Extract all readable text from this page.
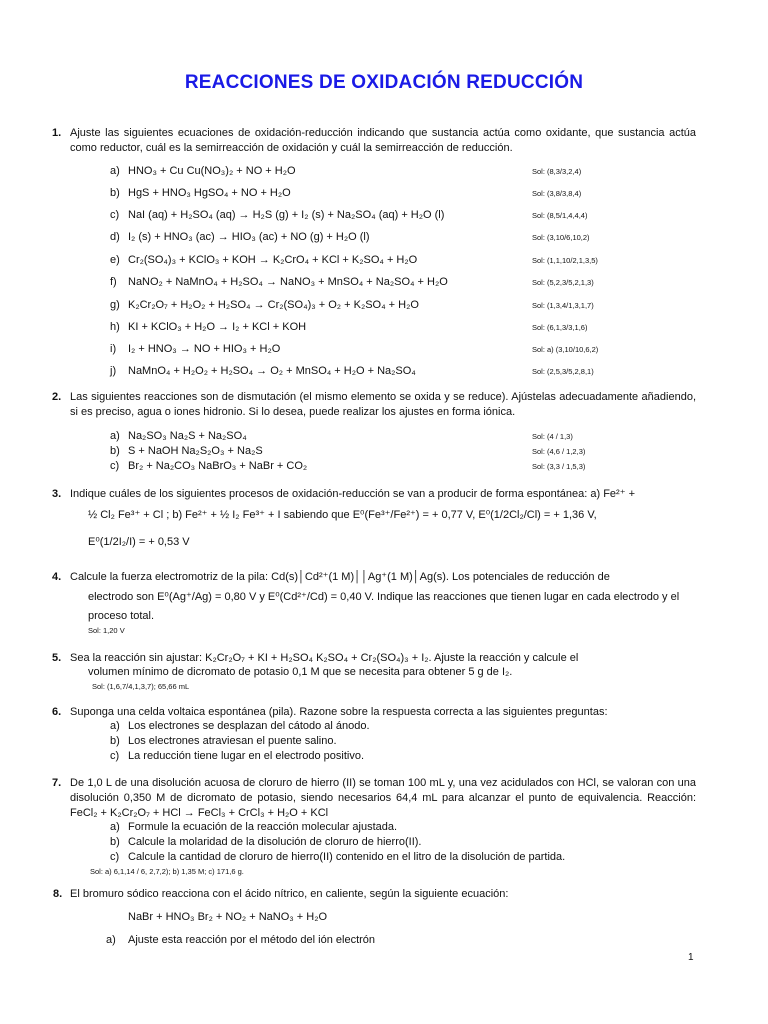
REACCIONES DE OXIDACIÓN REDUCCIÓN
1. Ajuste las siguientes ecuaciones de oxidación-reducción indicando que sustancia actúa como oxidante, que sustancia actúa como reductor, cuál es la semirreacción de oxidación y cuál la semirreacción de reducción.
a) HNO₃ + Cu Cu(NO₃)₂ + NO + H₂O	Sol: (8,3/3,2,4)
b) HgS + HNO₃ HgSO₄ + NO + H₂O	Sol: (3,8/3,8,4)
c) NaI (aq) + H₂SO₄ (aq) → H₂S (g) + I₂ (s) + Na₂SO₄ (aq) + H₂O (l)	Sol: (8,5/1,4,4,4)
d) I₂ (s) + HNO₃ (ac) → HIO₃ (ac) + NO (g) + H₂O (l)	Sol: (3,10/6,10,2)
e) Cr₂(SO₄)₃ + KClO₃ + KOH → K₂CrO₄ + KCl + K₂SO₄ + H₂O	Sol: (1,1,10/2,1,3,5)
f) NaNO₂ + NaMnO₄ + H₂SO₄ → NaNO₃ + MnSO₄ + Na₂SO₄ + H₂O	Sol: (5,2,3/5,2,1,3)
g) K₂Cr₂O₇ + H₂O₂ + H₂SO₄ → Cr₂(SO₄)₃ + O₂ + K₂SO₄ + H₂O	Sol: (1,3,4/1,3,1,7)
h) KI + KClO₃ + H₂O → I₂ + KCl + KOH	Sol: (6,1,3/3,1,6)
i) I₂ + HNO₃ → NO + HIO₃ + H₂O	Sol: a) (3,10/10,6,2)
j) NaMnO₄ + H₂O₂ + H₂SO₄ → O₂ + MnSO₄ + H₂O + Na₂SO₄	Sol: (2,5,3/5,2,8,1)
2. Las siguientes reacciones son de dismutación (el mismo elemento se oxida y se reduce). Ajústelas adecuadamente añadiendo, si es preciso, agua o iones hidronio. Si lo desea, puede realizar los ajustes en forma iónica.
a) Na₂SO₃ Na₂S + Na₂SO₄	Sol: (4 / 1,3)
b) S + NaOH Na₂S₂O₃ + Na₂S	Sol: (4,6 / 1,2,3)
c) Br₂ + Na₂CO₃ NaBrO₃ + NaBr + CO₂	Sol: (3,3 / 1,5,3)
3. Indique cuáles de los siguientes procesos de oxidación-reducción se van a producir de forma espontánea: a) Fe²⁺ +
½ Cl₂ Fe³⁺ + Cl ; b) Fe²⁺ + ½ I₂ Fe³⁺ + I sabiendo que E⁰(Fe³⁺/Fe²⁺) = + 0,77 V, E⁰(1/2Cl₂/Cl) = + 1,36 V,
E⁰(1/2I₂/I) = + 0,53 V
4. Calcule la fuerza electromotriz de la pila: Cd(s)│Cd²⁺(1 M)││Ag⁺(1 M)│Ag(s). Los potenciales de reducción de
electrodo son E⁰(Ag⁺/Ag) = 0,80 V y E⁰(Cd²⁺/Cd) = 0,40 V. Indique las reacciones que tienen lugar en cada electrodo y el
proceso total.
Sol: 1,20 V
5. Sea la reacción sin ajustar: K₂Cr₂O₇ + KI + H₂SO₄ K₂SO₄ + Cr₂(SO₄)₃ + I₂. Ajuste la reacción y calcule el
volumen mínimo de dicromato de potasio 0,1 M que se necesita para obtener 5 g de I₂.
Sol: (1,6,7/4,1,3,7); 65,66 mL
6. Suponga una celda voltaica espontánea (pila). Razone sobre la respuesta correcta a las siguientes preguntas:
a) Los electrones se desplazan del cátodo al ánodo.
b) Los electrones atraviesan el puente salino.
c) La reducción tiene lugar en el electrodo positivo.
7. De 1,0 L de una disolución acuosa de cloruro de hierro (II) se toman 100 mL y, una vez acidulados con HCl, se valoran con una disolución 0,350 M de dicromato de potasio, siendo necesarios 64,4 mL para alcanzar el punto de equivalencia. Reacción: FeCl₂ + K₂Cr₂O₇ + HCl → FeCl₃ + CrCl₃ + H₂O + KCl
a) Formule la ecuación de la reacción molecular ajustada.
b) Calcule la molaridad de la disolución de cloruro de hierro(II).
c) Calcule la cantidad de cloruro de hierro(II) contenido en el litro de la disolución de partida.
Sol: a) 6,1,14 / 6, 2,7,2); b) 1,35 M; c) 171,6 g.
8. El bromuro sódico reacciona con el ácido nítrico, en caliente, según la siguiente ecuación:
NaBr + HNO₃ Br₂ + NO₂ + NaNO₃ + H₂O
a) Ajuste esta reacción por el método del ión electrón
1
